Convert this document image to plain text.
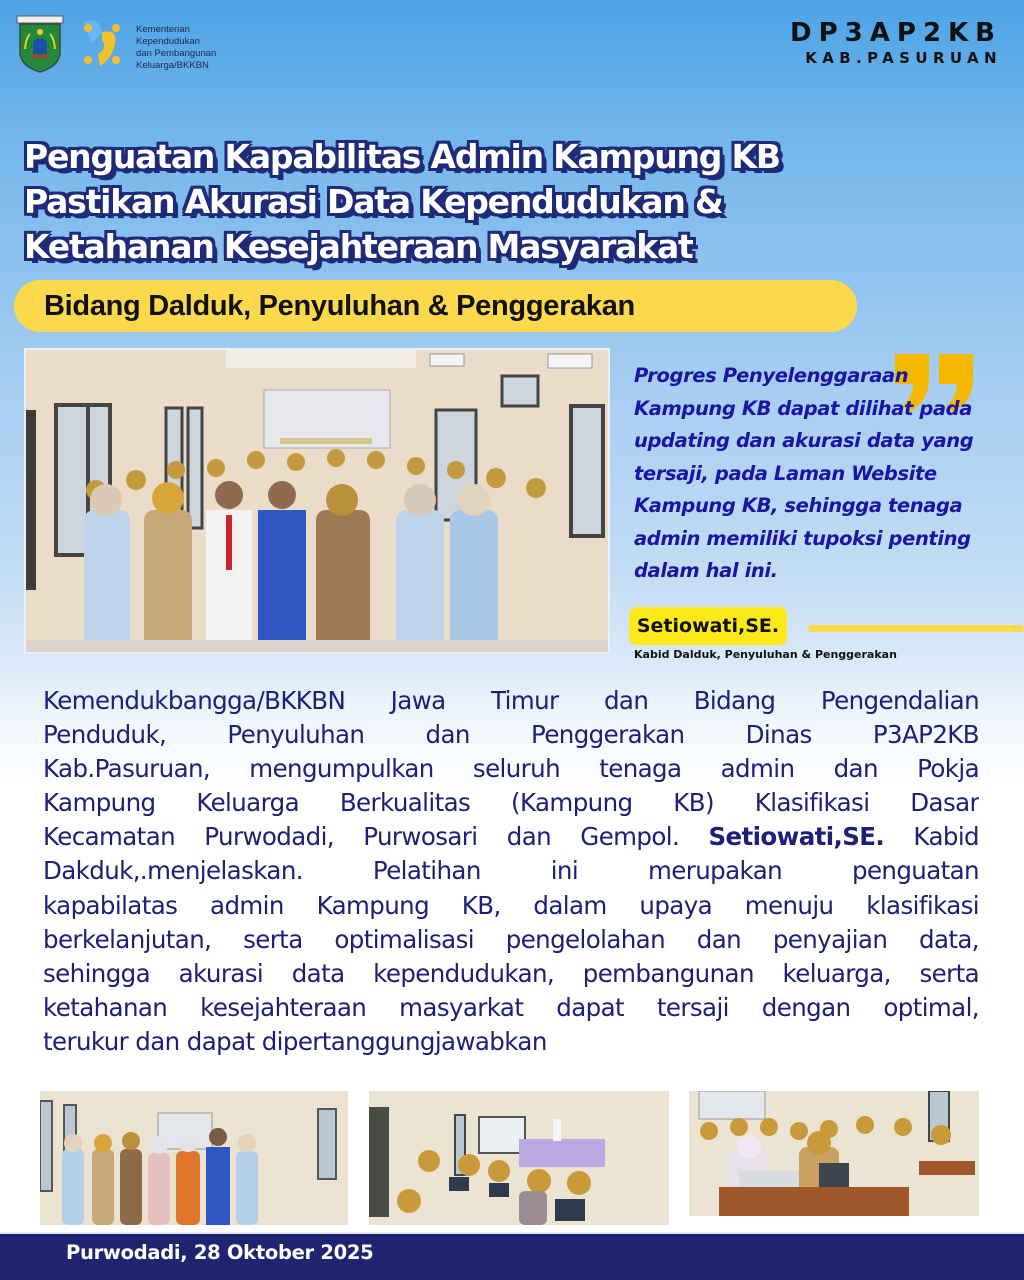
Kementerian
Kependudukan
dan Pembangunan
Keluarga/BKKBN
DP3AP2KB
KAB.PASURUAN
Penguatan Kapabilitas Admin Kampung KB
Pastikan Akurasi Data Kependudukan &
Ketahanan Kesejahteraan Masyarakat
Bidang Dalduk, Penyuluhan & Penggerakan
Progres Penyelenggaraan
Kampung KB dapat dilihat pada
updating dan akurasi data yang
tersaji, pada Laman Website
Kampung KB, sehingga tenaga
admin memiliki tupoksi penting
dalam hal ini.
Setiowati,SE.
Kabid Dalduk, Penyuluhan & Penggerakan
Kemendukbangga/BKKBN Jawa Timur dan Bidang Pengendalian
Penduduk, Penyuluhan dan Penggerakan Dinas P3AP2KB
Kab.Pasuruan, mengumpulkan seluruh tenaga admin dan Pokja
Kampung Keluarga Berkualitas (Kampung KB) Klasifikasi Dasar
Kecamatan Purwodadi, Purwosari dan Gempol. Setiowati,SE. Kabid
Dakduk,.menjelaskan. Pelatihan ini merupakan penguatan
kapabilatas admin Kampung KB, dalam upaya menuju klasifikasi
berkelanjutan, serta optimalisasi pengelolahan dan penyajian data,
sehingga akurasi data kependudukan, pembangunan keluarga, serta
ketahanan kesejahteraan masyarkat dapat tersaji dengan optimal,
terukur dan dapat dipertanggungjawabkan
Purwodadi, 28 Oktober 2025
